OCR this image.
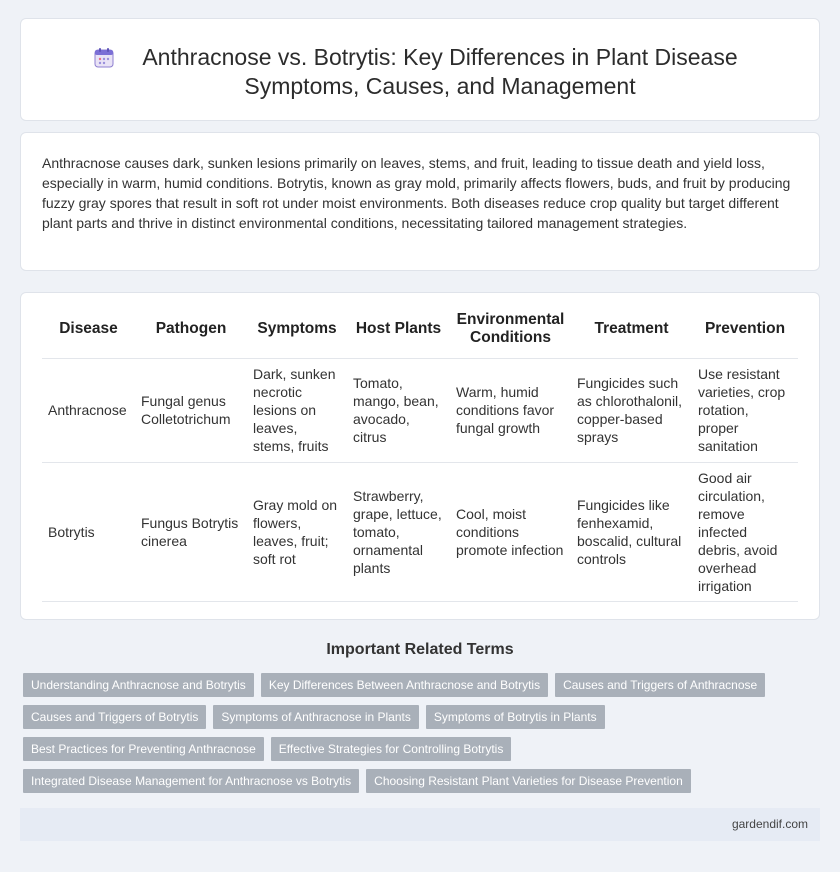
Anthracnose vs. Botrytis: Key Differences in Plant Disease Symptoms, Causes, and Management

Anthracnose causes dark, sunken lesions primarily on leaves, stems, and fruit, leading to tissue death and yield loss, especially in warm, humid conditions. Botrytis, known as gray mold, primarily affects flowers, buds, and fruit by producing fuzzy gray spores that result in soft rot under moist environments. Both diseases reduce crop quality but target different plant parts and thrive in distinct environmental conditions, necessitating tailored management strategies.

Disease	Pathogen	Symptoms	Host Plants	Environmental Conditions	Treatment	Prevention
Anthracnose	Fungal genus Colletotrichum	Dark, sunken necrotic lesions on leaves, stems, fruits	Tomato, mango, bean, avocado, citrus	Warm, humid conditions favor fungal growth	Fungicides such as chlorothalonil, copper-based sprays	Use resistant varieties, crop rotation, proper sanitation
Botrytis	Fungus Botrytis cinerea	Gray mold on flowers, leaves, fruit; soft rot	Strawberry, grape, lettuce, tomato, ornamental plants	Cool, moist conditions promote infection	Fungicides like fenhexamid, boscalid, cultural controls	Good air circulation, remove infected debris, avoid overhead irrigation
Important Related Terms
Understanding Anthracnose and Botrytis	Key Differences Between Anthracnose and Botrytis	Causes and Triggers of Anthracnose
Causes and Triggers of Botrytis	Symptoms of Anthracnose in Plants	Symptoms of Botrytis in Plants
Best Practices for Preventing Anthracnose	Effective Strategies for Controlling Botrytis
Integrated Disease Management for Anthracnose vs Botrytis	Choosing Resistant Plant Varieties for Disease Prevention
gardendif.com
